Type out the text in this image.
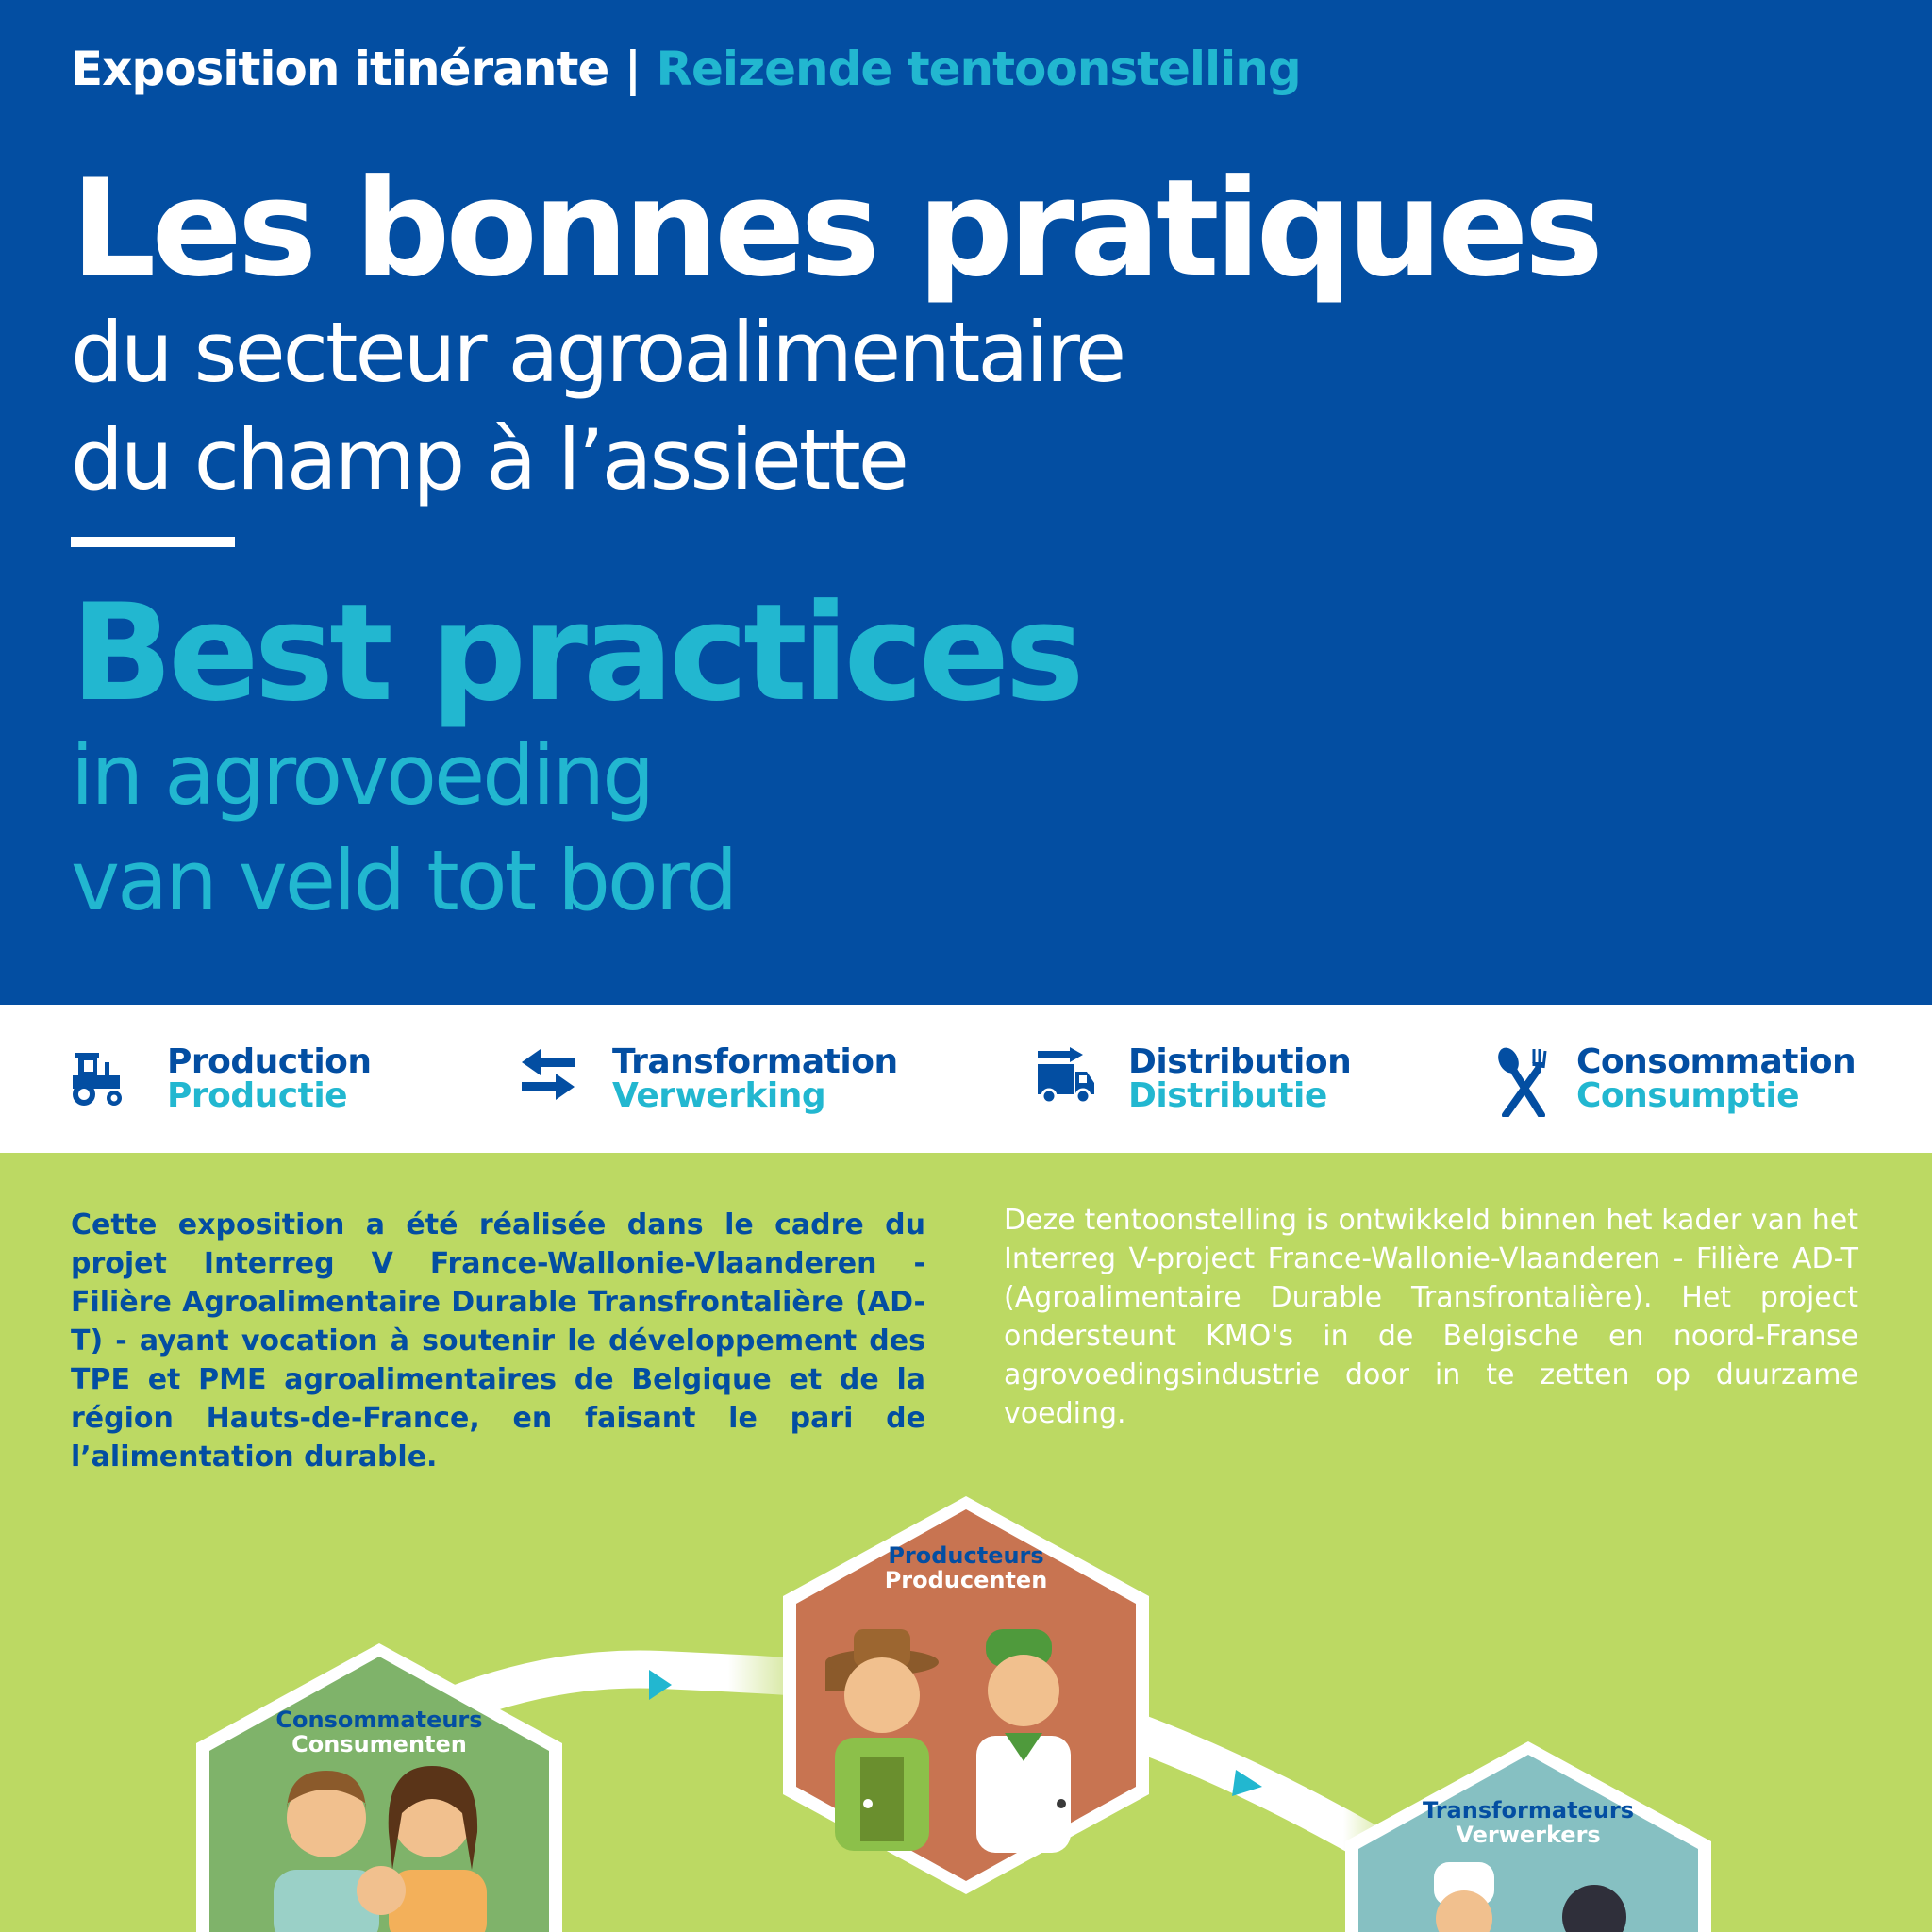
Exposition itinérante | Reizende tentoonstelling
Les bonnes pratiques
du secteur agroalimentaire
du champ à l’assiette
Best practices
in agrovoeding
van veld tot bord
Production
Productie
Transformation
Verwerking
Distribution
Distributie
Consommation
Consumptie
Producteurs
Producenten
Consommateurs
Consumenten
Transformateurs
Verwerkers
Cette exposition a été réalisée dans le cadre du projet Interreg V France-Wallonie-Vlaanderen - Filière Agroalimentaire Durable Transfrontalière (AD-T) - ayant vocation à soutenir le développement des TPE et PME agroalimentaires de Belgique et de la région Hauts-de-France, en faisant le pari de l’alimentation durable.
Deze tentoonstelling is ontwikkeld binnen het kader van het Interreg V-project France-Wallonie-Vlaanderen - Filière AD-T (Agroalimentaire Durable Transfrontalière). Het project ondersteunt KMO's in de Belgische en noord-Franse agrovoedingsindustrie door in te zetten op duurzame voeding.
